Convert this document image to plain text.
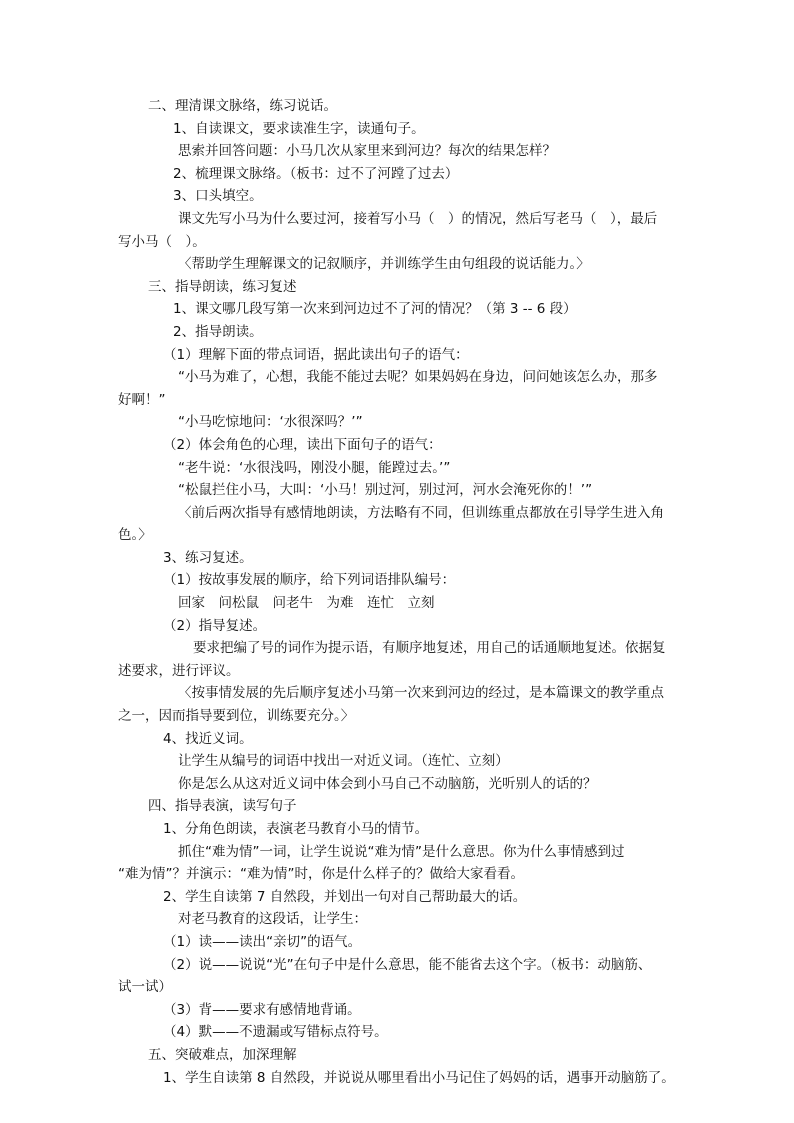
二、理清课文脉络，练习说话。
1、自读课文，要求读准生字，读通句子。
思索并回答问题：小马几次从家里来到河边？每次的结果怎样？
2、梳理课文脉络。（板书：过不了河蹚了过去）
3、口头填空。
课文先写小马为什么要过河，接着写小马（　）的情况，然后写老马（　），最后
写小马（　）。
〈帮助学生理解课文的记叙顺序，并训练学生由句组段的说话能力。〉
三、指导朗读，练习复述
1、课文哪几段写第一次来到河边过不了河的情况？（第 3 -- 6 段）
2、指导朗读。
（1）理解下面的带点词语，据此读出句子的语气：
“小马为难了，心想，我能不能过去呢？如果妈妈在身边，问问她该怎么办，那多
好啊！”
“小马吃惊地问：‘水很深吗？’”
（2）体会角色的心理，读出下面句子的语气：
“老牛说：‘水很浅吗，刚没小腿，能蹚过去。’”
“松鼠拦住小马，大叫：‘小马！别过河，别过河，河水会淹死你的！’”
〈前后两次指导有感情地朗读，方法略有不同，但训练重点都放在引导学生进入角
色。〉
3、练习复述。
（1）按故事发展的顺序，给下列词语排队编号：
回家　问松鼠　问老牛　为难　连忙　立刻
（2）指导复述。
要求把编了号的词作为提示语，有顺序地复述，用自己的话通顺地复述。依据复
述要求，进行评议。
〈按事情发展的先后顺序复述小马第一次来到河边的经过，是本篇课文的教学重点
之一，因而指导要到位，训练要充分。〉
4、找近义词。
让学生从编号的词语中找出一对近义词。（连忙、立刻）
你是怎么从这对近义词中体会到小马自己不动脑筋，光听别人的话的？
四、指导表演，读写句子
1、分角色朗读，表演老马教育小马的情节。
抓住“难为情”一词，让学生说说“难为情”是什么意思。你为什么事情感到过
“难为情”？并演示：“难为情”时，你是什么样子的？做给大家看看。
2、学生自读第 7 自然段，并划出一句对自己帮助最大的话。
对老马教育的这段话，让学生：
（1）读——读出“亲切”的语气。
（2）说——说说“光”在句子中是什么意思，能不能省去这个字。（板书：动脑筋、
试一试）
（3）背——要求有感情地背诵。
（4）默——不遗漏或写错标点符号。
五、突破难点，加深理解
1、学生自读第 8 自然段，并说说从哪里看出小马记住了妈妈的话，遇事开动脑筋了。
